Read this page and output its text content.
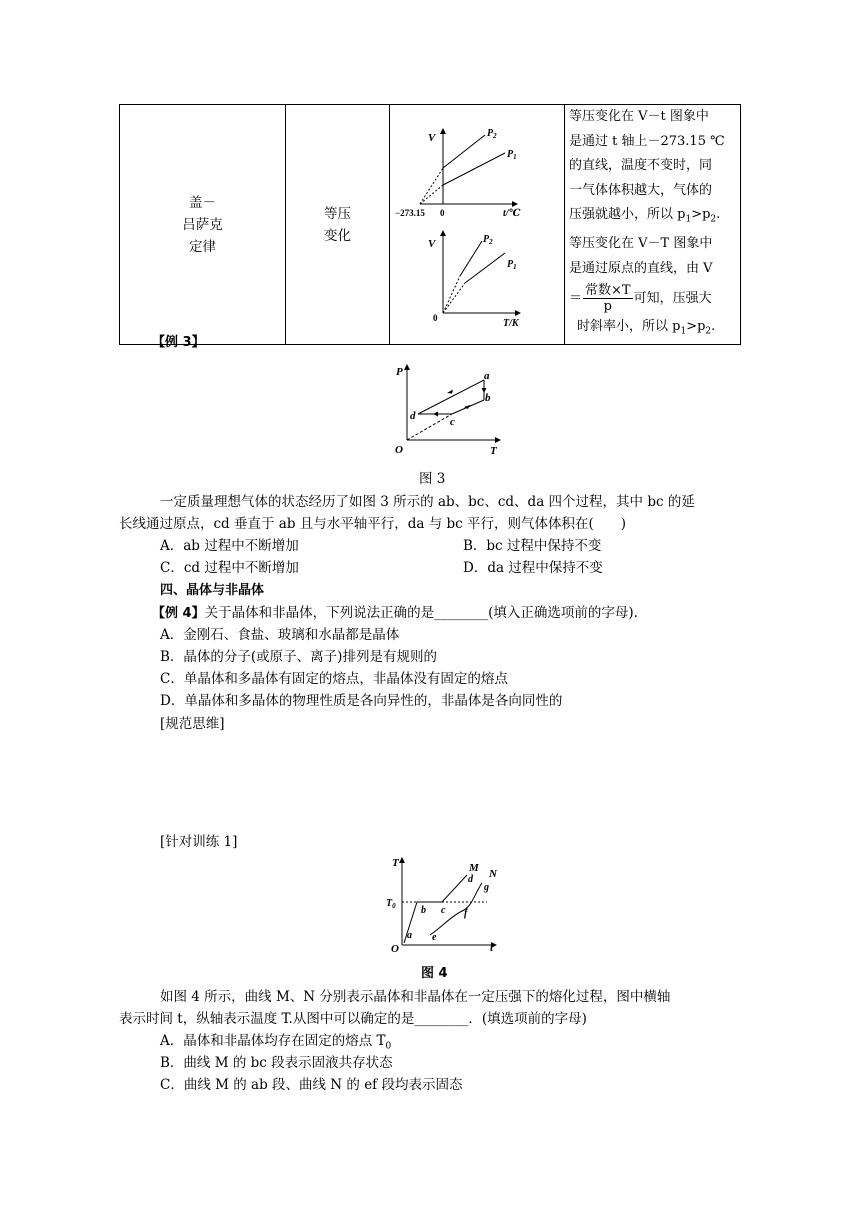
盖－
吕萨克
定律

等压
变化

V	$P_2$
$P_1$
−273.15 0	t/℃
V	$P_2$
$P_1$
0	T/K

等压变化在 V－t 图象中
是通过 t 轴上－273.15 ℃
的直线，温度不变时，同
一气体体积越大，气体的
压强就越小，所以 $p_1>p_2$.
等压变化在 V－T 图象中
是通过原点的直线，由 V
＝
常数×T
p
可知，压强大
时斜率小，所以 $p_1>p_2$.
【例 3】
P
T
O
a
b
c
d
图 3
一定质量理想气体的状态经历了如图 3 所示的 ab、bc、cd、da 四个过程，其中 bc 的延
长线通过原点，cd 垂直于 ab 且与水平轴平行，da 与 bc 平行，则气体体积在(　　)
A．ab 过程中不断增加	B．bc 过程中保持不变
C．cd 过程中不断增加	D．da 过程中保持不变
四、晶体与非晶体
【例 4】关于晶体和非晶体，下列说法正确的是________(填入正确选项前的字母).
A．金刚石、食盐、玻璃和水晶都是晶体
B．晶体的分子(或原子、离子)排列是有规则的
C．单晶体和多晶体有固定的熔点，非晶体没有固定的熔点
D．单晶体和多晶体的物理性质是各向异性的，非晶体是各向同性的
[规范思维]
[针对训练 1]
T
t
O
$T_0$
M N
a
b c
d
e
f
g
图 4
如图 4 所示，曲线 M、N 分别表示晶体和非晶体在一定压强下的熔化过程，图中横轴
表示时间 t，纵轴表示温度 T.从图中可以确定的是________．(填选项前的字母)
A．晶体和非晶体均存在固定的熔点 $T_0$
B．曲线 M 的 bc 段表示固液共存状态
C．曲线 M 的 ab 段、曲线 N 的 ef 段均表示固态
